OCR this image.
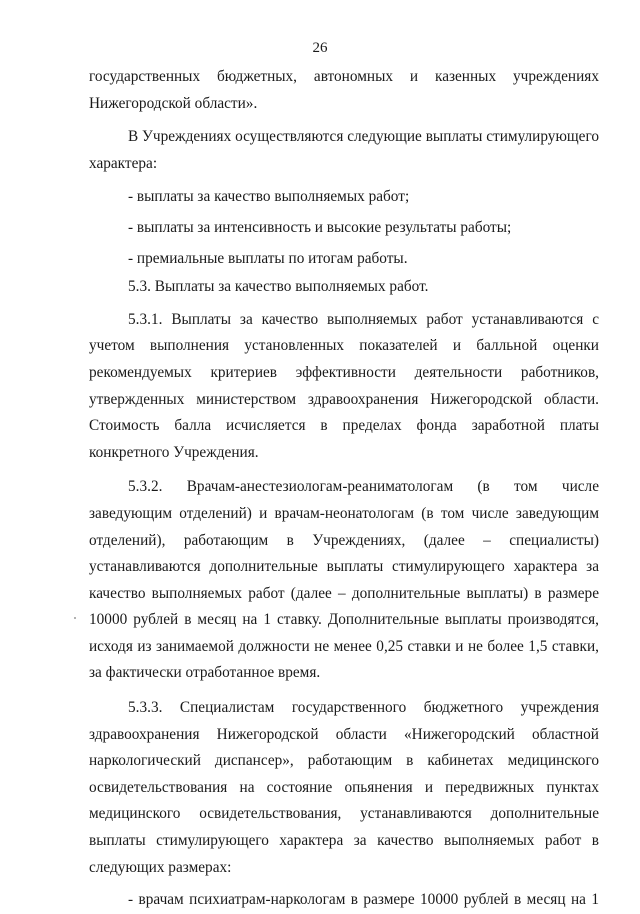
26
государственных бюджетных, автономных и казенных учреждениях
Нижегородской области».
В Учреждениях осуществляются следующие выплаты стимулирующего
характера:
- выплаты за качество выполняемых работ;
- выплаты за интенсивность и высокие результаты работы;
- премиальные выплаты по итогам работы.
5.3. Выплаты за качество выполняемых работ.
5.3.1. Выплаты за качество выполняемых работ устанавливаются с
учетом выполнения установленных показателей и балльной оценки
рекомендуемых критериев эффективности деятельности работников,
утвержденных министерством здравоохранения Нижегородской области.
Стоимость балла исчисляется в пределах фонда заработной платы
конкретного Учреждения.
5.3.2. Врачам-анестезиологам-реаниматологам (в том числе
заведующим отделений) и врачам-неонатологам (в том числе заведующим
отделений), работающим в Учреждениях, (далее – специалисты)
устанавливаются дополнительные выплаты стимулирующего характера за
качество выполняемых работ (далее – дополнительные выплаты) в размере
10000 рублей в месяц на 1 ставку. Дополнительные выплаты производятся,
исходя из занимаемой должности не менее 0,25 ставки и не более 1,5 ставки,
за фактически отработанное время.
5.3.3. Специалистам государственного бюджетного учреждения
здравоохранения Нижегородской области «Нижегородский областной
наркологический диспансер», работающим в кабинетах медицинского
освидетельствования на состояние опьянения и передвижных пунктах
медицинского освидетельствования, устанавливаются дополнительные
выплаты стимулирующего характера за качество выполняемых работ в
следующих размерах:
- врачам психиатрам-наркологам в размере 10000 рублей в месяц на 1
